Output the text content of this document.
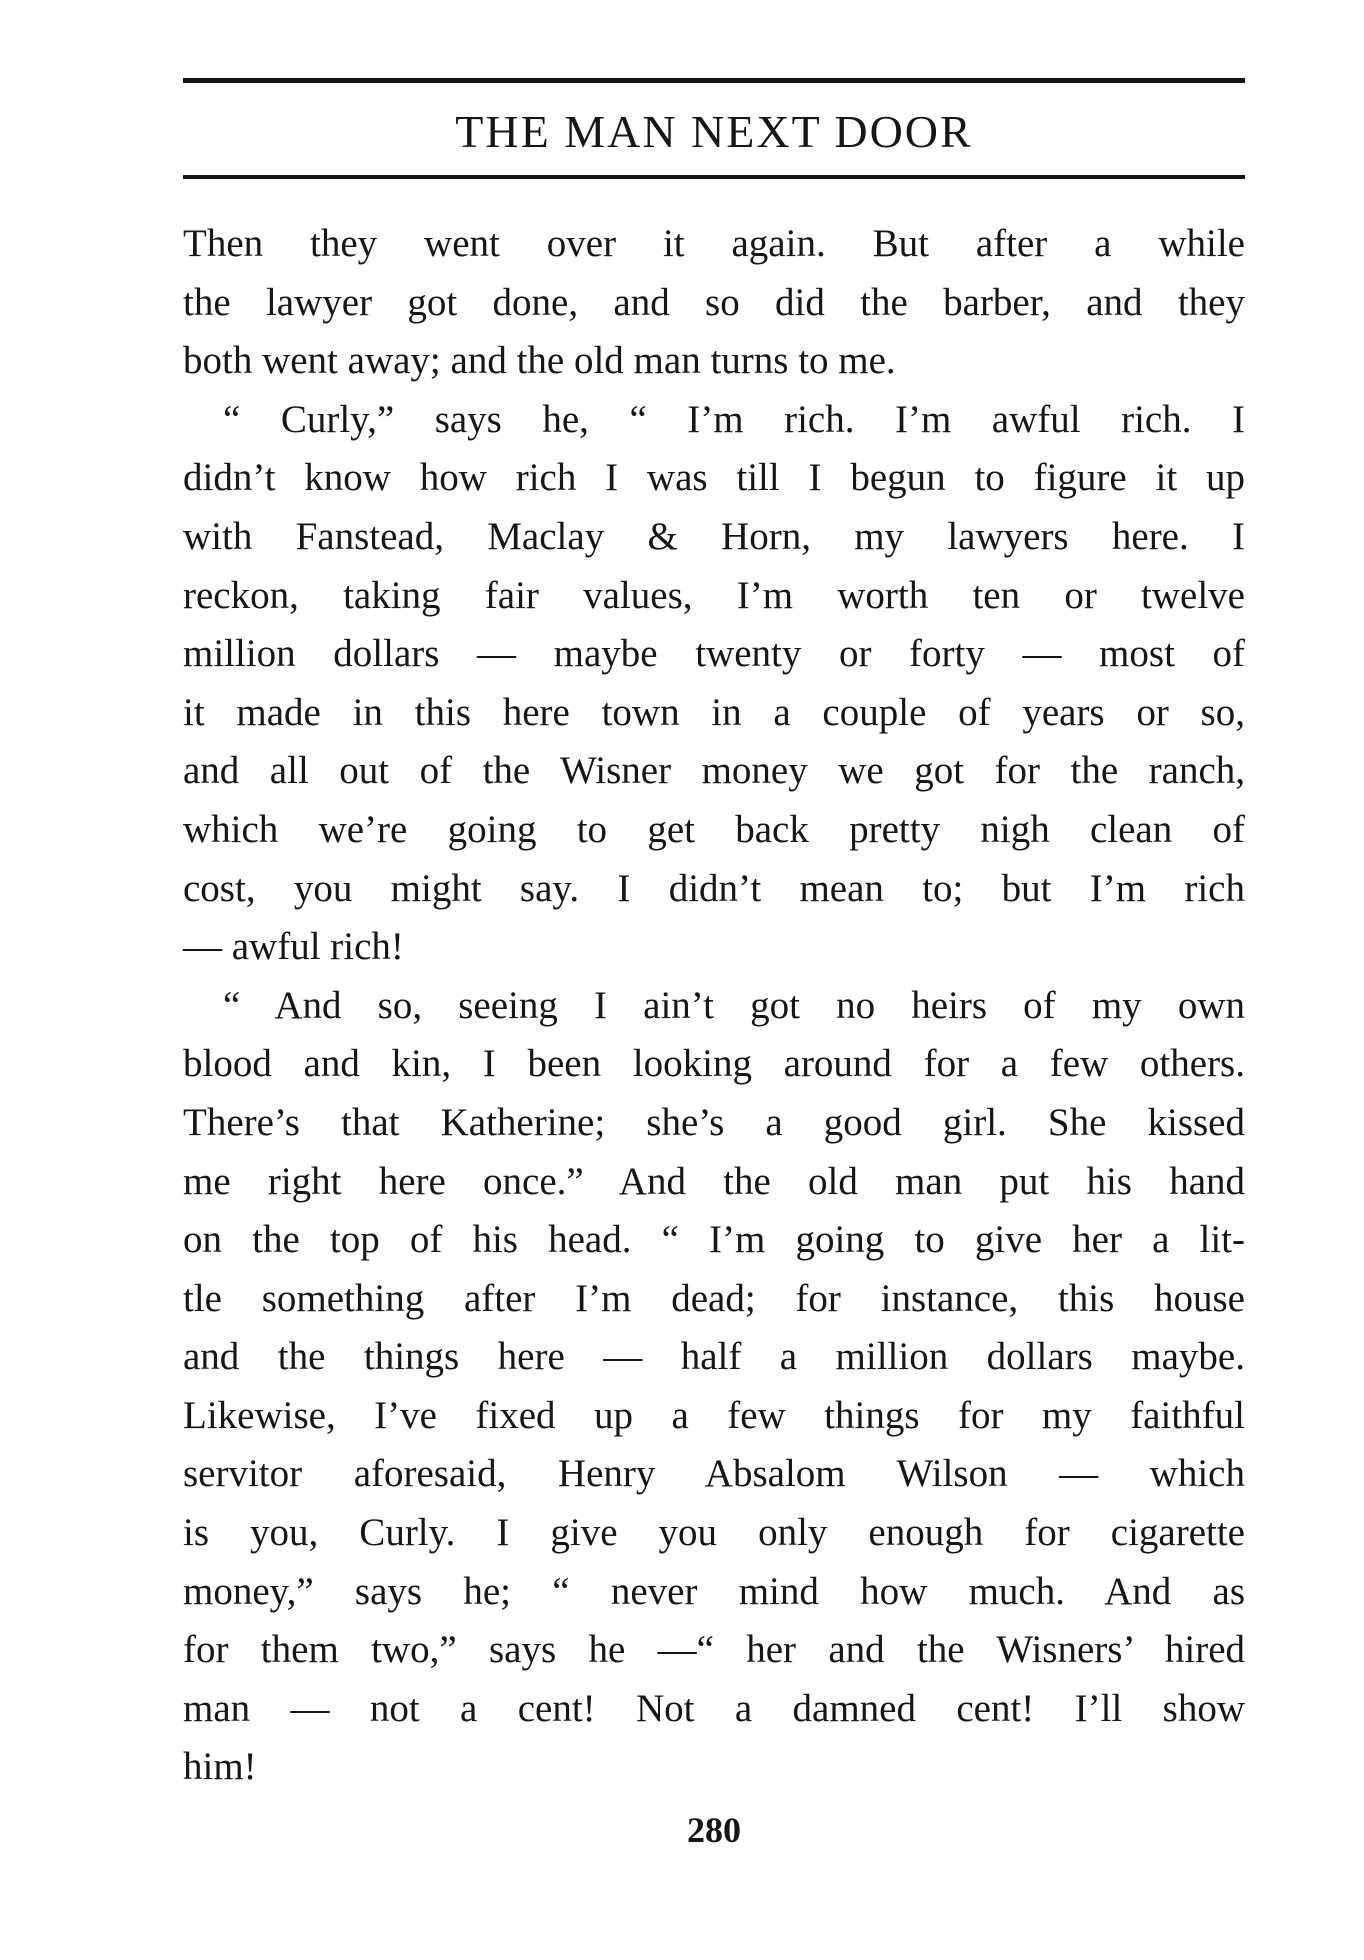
THE MAN NEXT DOOR
Then they went over it again. But after a while
the lawyer got done, and so did the barber, and they
both went away; and the old man turns to me.
“ Curly,” says he, “ I’m rich. I’m awful rich. I
didn’t know how rich I was till I begun to figure it up
with Fanstead, Maclay & Horn, my lawyers here. I
reckon, taking fair values, I’m worth ten or twelve
million dollars — maybe twenty or forty — most of
it made in this here town in a couple of years or so,
and all out of the Wisner money we got for the ranch,
which we’re going to get back pretty nigh clean of
cost, you might say. I didn’t mean to; but I’m rich
— awful rich!
“ And so, seeing I ain’t got no heirs of my own
blood and kin, I been looking around for a few others.
There’s that Katherine; she’s a good girl. She kissed
me right here once.” And the old man put his hand
on the top of his head. “ I’m going to give her a lit-
tle something after I’m dead; for instance, this house
and the things here — half a million dollars maybe.
Likewise, I’ve fixed up a few things for my faithful
servitor aforesaid, Henry Absalom Wilson — which
is you, Curly. I give you only enough for cigarette
money,” says he; “ never mind how much. And as
for them two,” says he —“ her and the Wisners’ hired
man — not a cent! Not a damned cent! I’ll show
him!
280
